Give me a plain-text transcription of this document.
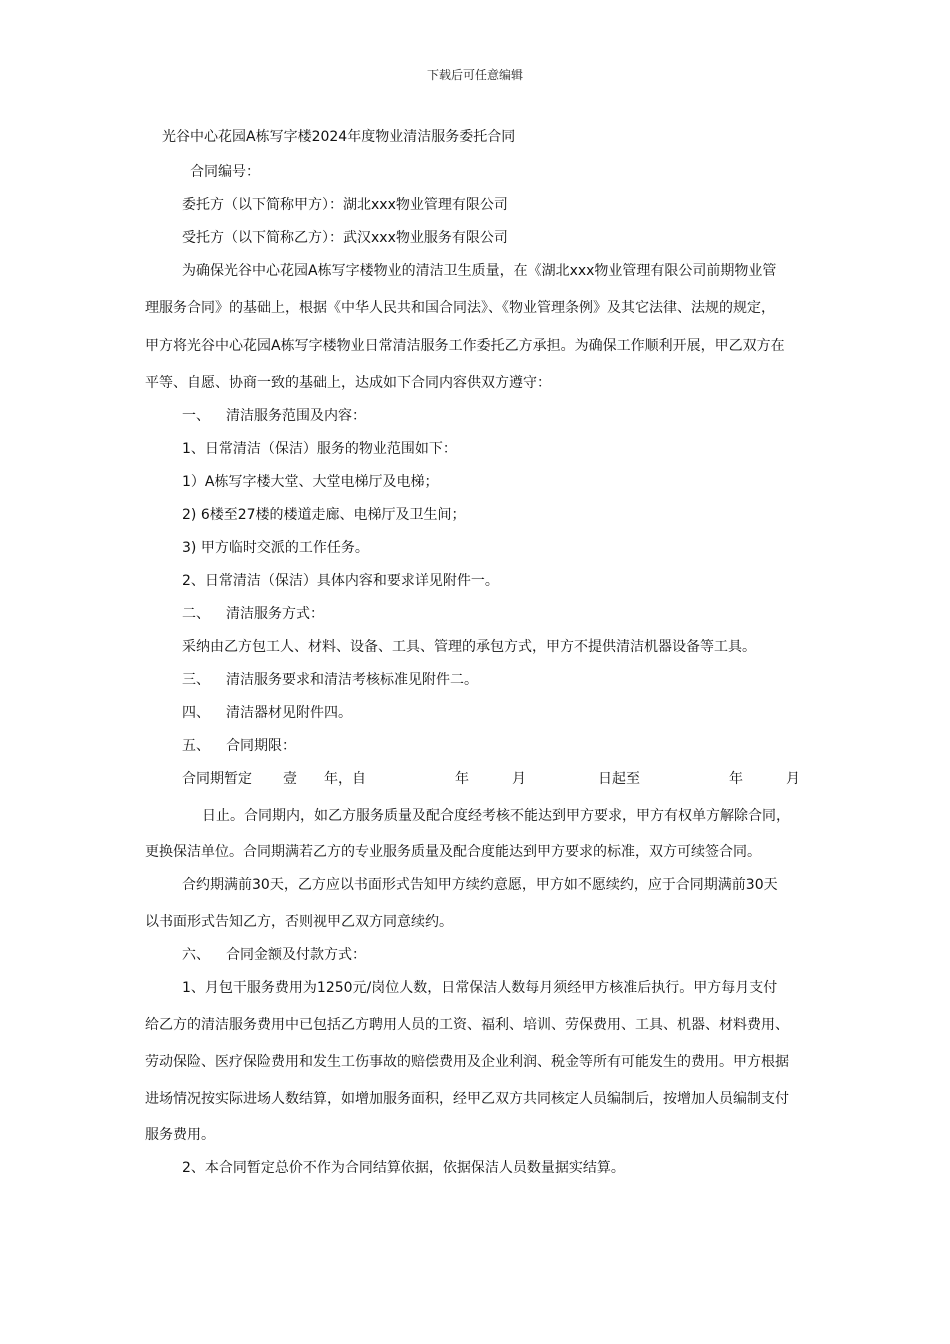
下载后可任意编辑
光谷中心花园A栋写字楼2024年度物业清洁服务委托合同
合同编号：
委托方（以下简称甲方）：湖北xxx物业管理有限公司
受托方（以下简称乙方）：武汉xxx物业服务有限公司
为确保光谷中心花园A栋写字楼物业的清洁卫生质量，在《湖北xxx物业管理有限公司前期物业管
理服务合同》的基础上，根据《中华人民共和国合同法》、《物业管理条例》及其它法律、法规的规定，
甲方将光谷中心花园A栋写字楼物业日常清洁服务工作委托乙方承担。为确保工作顺利开展，甲乙双方在
平等、自愿、协商一致的基础上，达成如下合同内容供双方遵守：
一、 清洁服务范围及内容：
1、日常清洁（保洁）服务的物业范围如下：
1）A栋写字楼大堂、大堂电梯厅及电梯；
2) 6楼至27楼的楼道走廊、电梯厅及卫生间；
3) 甲方临时交派的工作任务。
2、日常清洁（保洁）具体内容和要求详见附件一。
二、 清洁服务方式：
采纳由乙方包工人、材料、设备、工具、管理的承包方式，甲方不提供清洁机器设备等工具。
三、 清洁服务要求和清洁考核标准见附件二。
四、 清洁器材见附件四。
五、 合同期限：
合同期暂定 壹 年，自	年	月	日起至	年	月
日止。合同期内，如乙方服务质量及配合度经考核不能达到甲方要求，甲方有权单方解除合同，
更换保洁单位。合同期满若乙方的专业服务质量及配合度能达到甲方要求的标准，双方可续签合同。
合约期满前30天，乙方应以书面形式告知甲方续约意愿，甲方如不愿续约，应于合同期满前30天
以书面形式告知乙方，否则视甲乙双方同意续约。
六、 合同金额及付款方式：
1、月包干服务费用为1250元/岗位人数，日常保洁人数每月须经甲方核准后执行。甲方每月支付
给乙方的清洁服务费用中已包括乙方聘用人员的工资、福利、培训、劳保费用、工具、机器、材料费用、
劳动保险、医疗保险费用和发生工伤事故的赔偿费用及企业利润、税金等所有可能发生的费用。甲方根据
进场情况按实际进场人数结算，如增加服务面积，经甲乙双方共同核定人员编制后，按增加人员编制支付
服务费用。
2、本合同暂定总价不作为合同结算依据，依据保洁人员数量据实结算。
